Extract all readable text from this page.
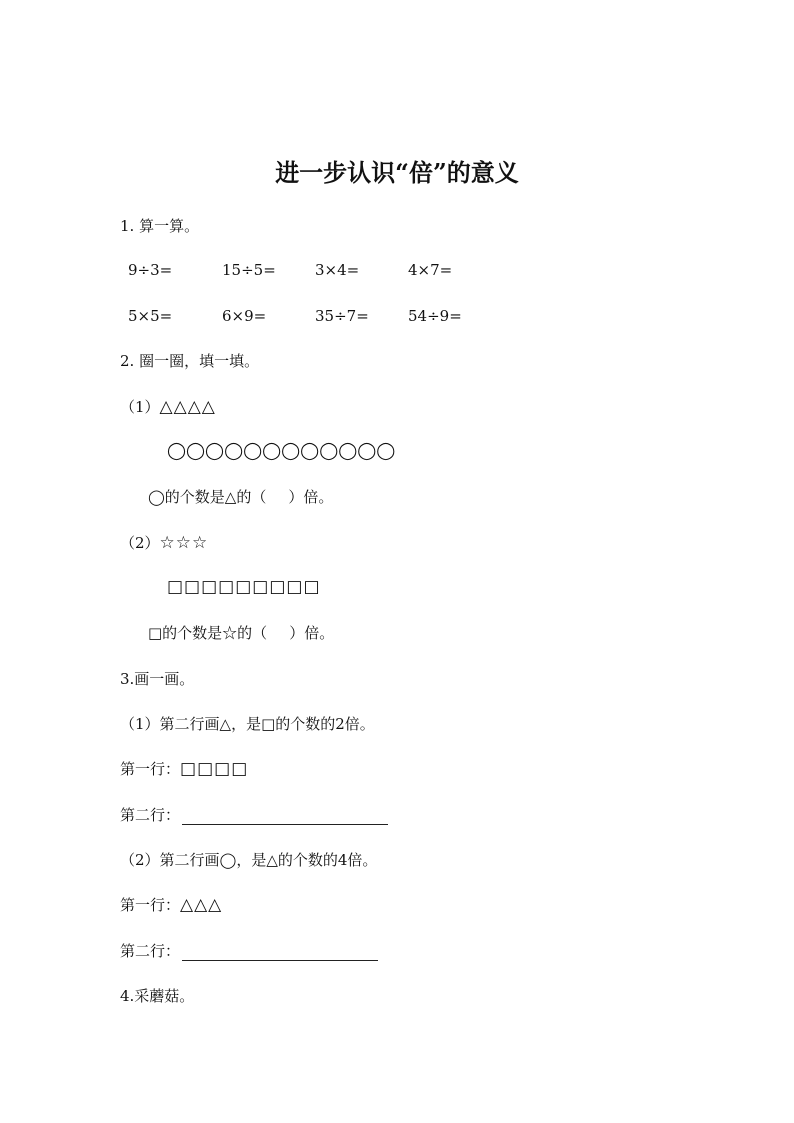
进一步认识“倍”的意义
1. 算一算。
9÷3=	15÷5=	3×4=	4×7=
5×5=	6×9=	35÷7=	54÷9=
2. 圈一圈，填一填。
（1）△△△△
◯◯◯◯◯◯◯◯◯◯◯◯
◯的个数是△的（ ）倍。
（2）☆☆☆
□□□□□□□□□
□的个数是☆的（ ）倍。
3.画一画。
（1）第二行画△，是□的个数的2倍。
第一行：□□□□
第二行：
（2）第二行画◯，是△的个数的4倍。
第一行：△△△
第二行：
4.采蘑菇。
